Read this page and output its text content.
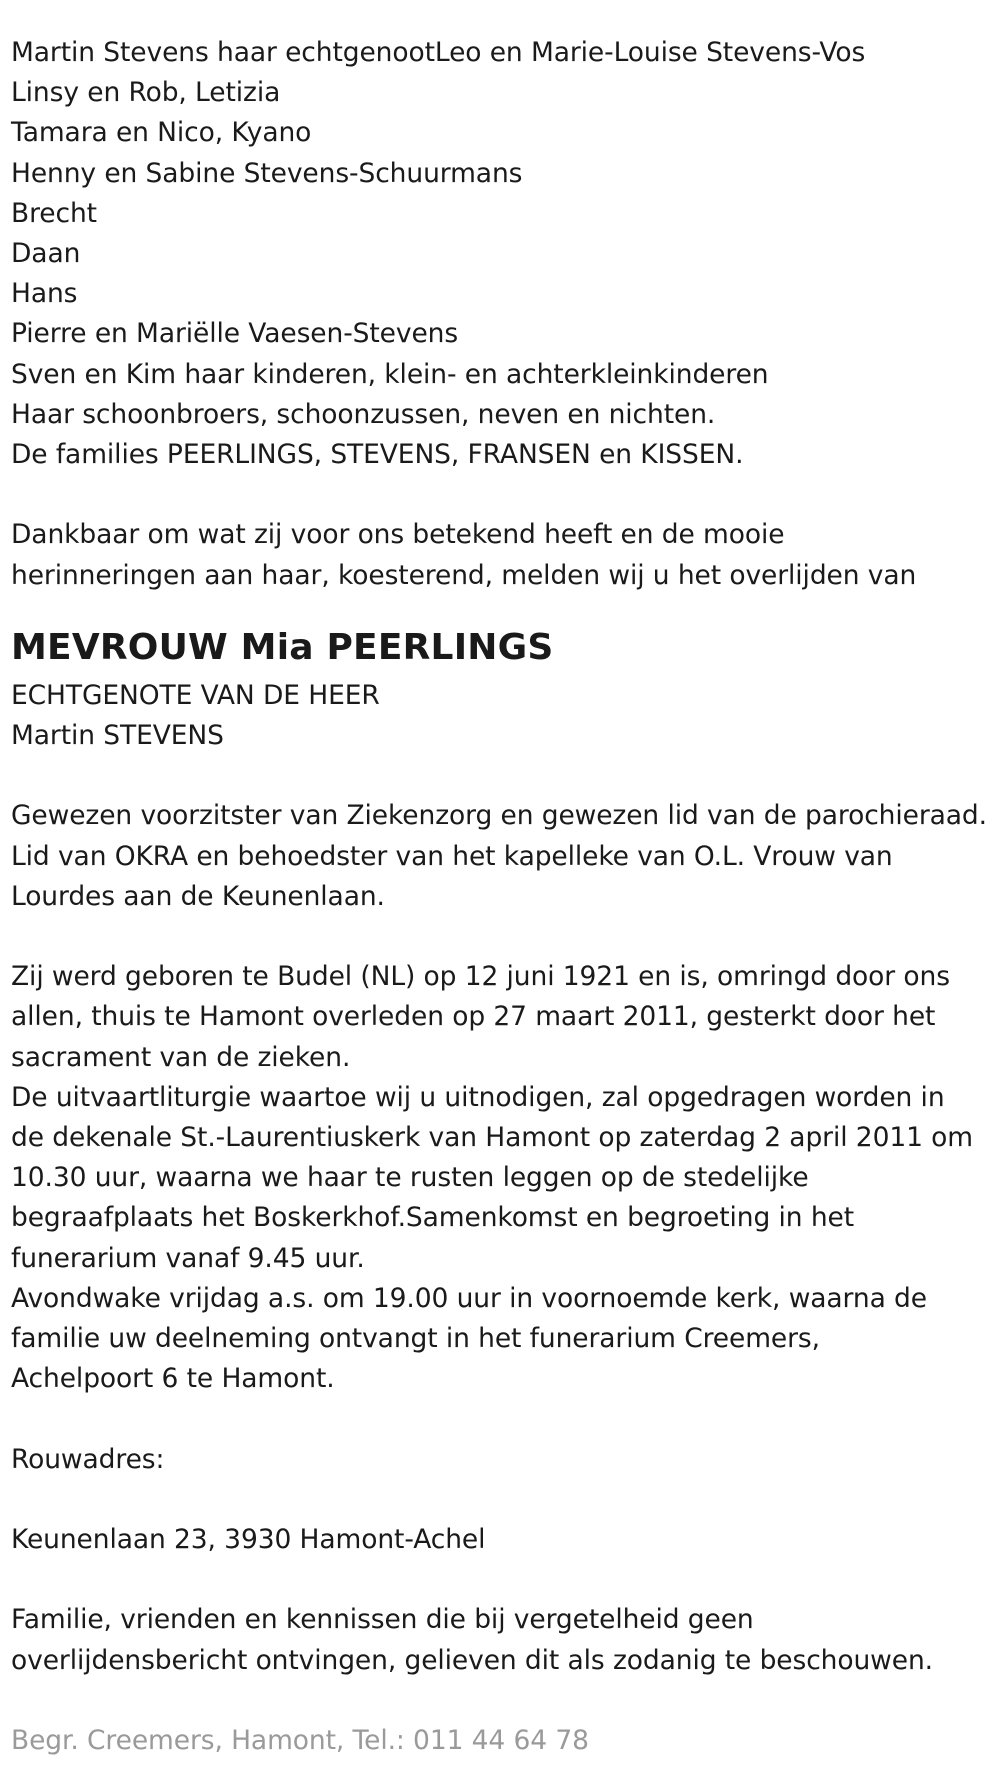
Martin Stevens haar echtgenootLeo en Marie-Louise Stevens-Vos
Linsy en Rob, Letizia
Tamara en Nico, Kyano
Henny en Sabine Stevens-Schuurmans
Brecht
Daan
Hans
Pierre en Mariëlle Vaesen-Stevens
Sven en Kim haar kinderen, klein- en achterkleinkinderen
Haar schoonbroers, schoonzussen, neven en nichten.
De families PEERLINGS, STEVENS, FRANSEN en KISSEN.
Dankbaar om wat zij voor ons betekend heeft en de mooie
herinneringen aan haar, koesterend, melden wij u het overlijden van
MEVROUW Mia PEERLINGS
ECHTGENOTE VAN DE HEER
Martin STEVENS
Gewezen voorzitster van Ziekenzorg en gewezen lid van de parochieraad.
Lid van OKRA en behoedster van het kapelleke van O.L. Vrouw van
Lourdes aan de Keunenlaan.
Zij werd geboren te Budel (NL) op 12 juni 1921 en is, omringd door ons
allen, thuis te Hamont overleden op 27 maart 2011, gesterkt door het
sacrament van de zieken.
De uitvaartliturgie waartoe wij u uitnodigen, zal opgedragen worden in
de dekenale St.-Laurentiuskerk van Hamont op zaterdag 2 april 2011 om
10.30 uur, waarna we haar te rusten leggen op de stedelijke
begraafplaats het Boskerkhof.Samenkomst en begroeting in het
funerarium vanaf 9.45 uur.
Avondwake vrijdag a.s. om 19.00 uur in voornoemde kerk, waarna de
familie uw deelneming ontvangt in het funerarium Creemers,
Achelpoort 6 te Hamont.
Rouwadres:
Keunenlaan 23, 3930 Hamont-Achel
Familie, vrienden en kennissen die bij vergetelheid geen
overlijdensbericht ontvingen, gelieven dit als zodanig te beschouwen.
Begr. Creemers, Hamont, Tel.: 011 44 64 78
